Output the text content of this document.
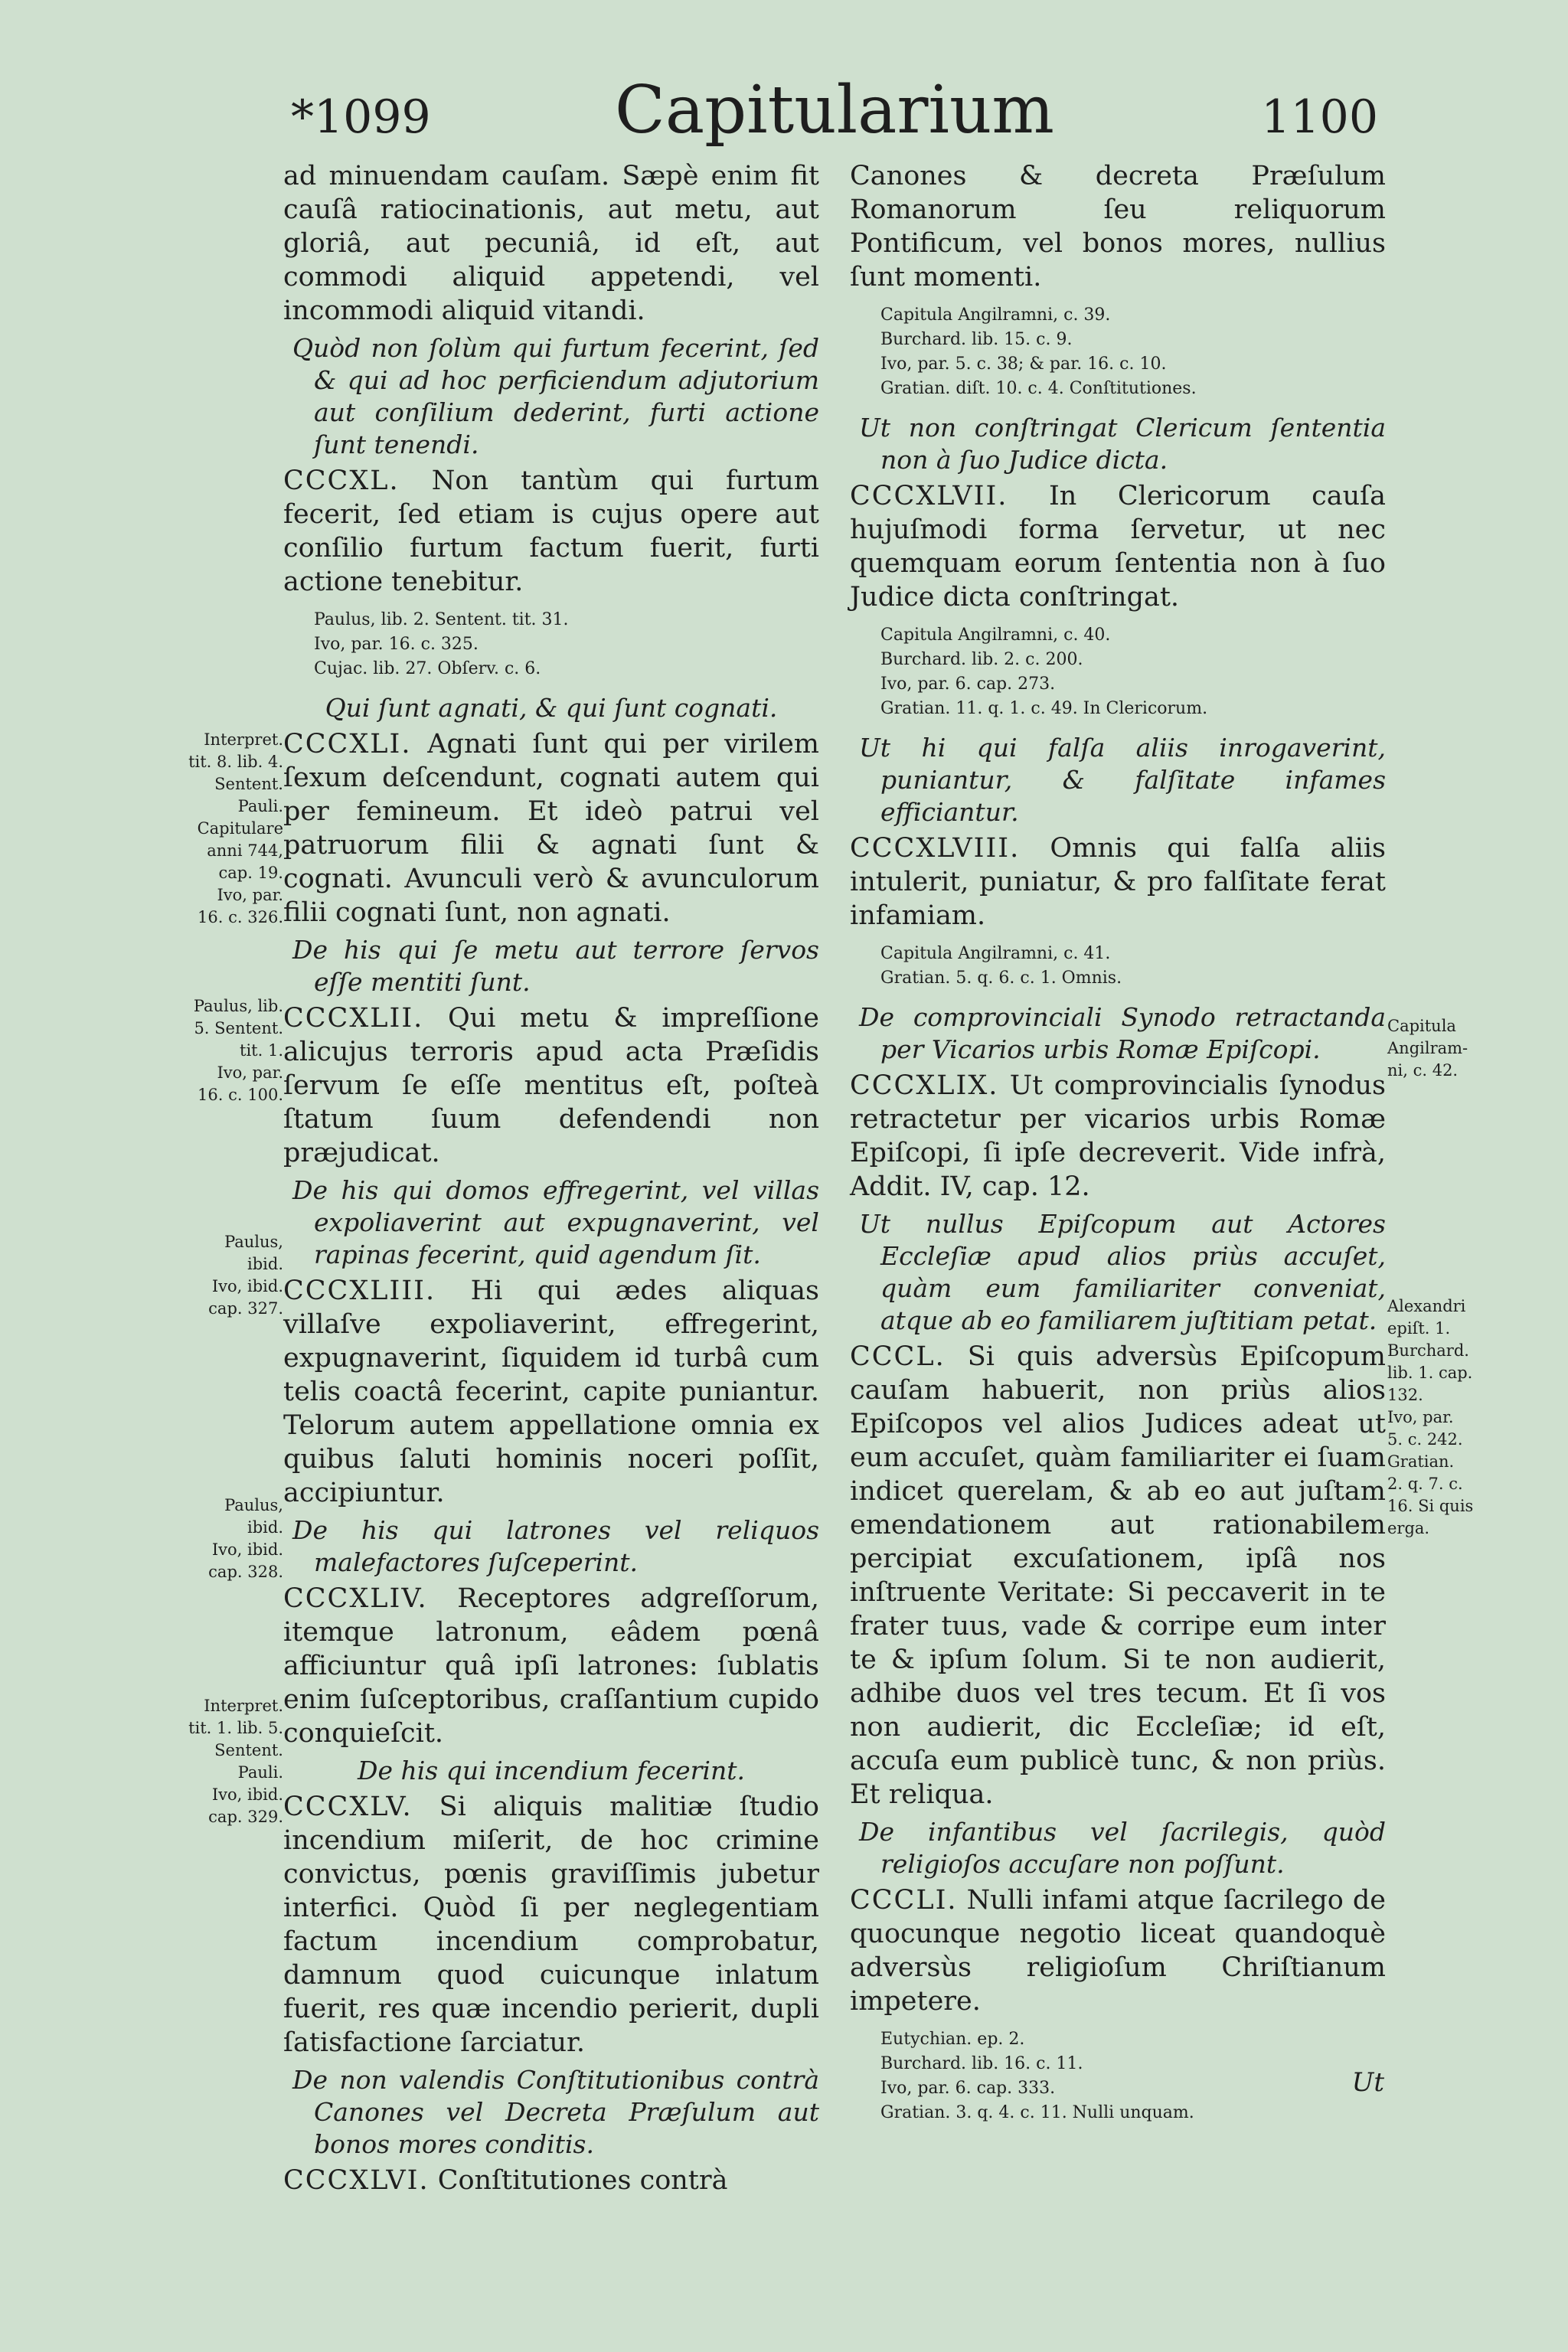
*1099	Capitularium	1100

ad minuendam cauſam. Sæpè enim fit cauſâ ratiocinationis, aut metu, aut gloriâ, aut pecuniâ, id eſt, aut commodi aliquid appetendi, vel incommodi aliquid vitandi.

Quòd non ſolùm qui furtum fecerint, ſed & qui ad hoc perficiendum adjutorium aut conſilium dederint, furti actione ſunt tenendi.

CCCXL. Non tantùm qui furtum fecerit, ſed etiam is cujus opere aut conſilio furtum factum fuerit, furti actione tenebitur.

Paulus, lib. 2. Sentent. tit. 31.
Ivo, par. 16. c. 325.
Cujac. lib. 27. Obſerv. c. 6.

Qui ſunt agnati, & qui ſunt cognati.

CCCXLI. Agnati ſunt qui per virilem ſexum deſcendunt, cognati autem qui per femineum. Et ideò patrui vel patruorum filii & agnati ſunt & cognati. Avunculi verò & avunculorum filii cognati ſunt, non agnati.

De his qui ſe metu aut terrore ſervos eſſe mentiti ſunt.

CCCXLII. Qui metu & impreſſione alicujus terroris apud acta Præſidis ſervum ſe eſſe mentitus eſt, poſteà ſtatum ſuum defendendi non præjudicat.

De his qui domos effregerint, vel villas expoliaverint aut expugnaverint, vel rapinas fecerint, quid agendum ſit.

CCCXLIII. Hi qui ædes aliquas villaſve expoliaverint, effregerint, expugnaverint, ſiquidem id turbâ cum telis coactâ fecerint, capite puniantur. Telorum autem appellatione omnia ex quibus ſaluti hominis noceri poſſit, accipiuntur.

De his qui latrones vel reliquos malefactores ſuſceperint.

CCCXLIV. Receptores adgreſſorum, itemque latronum, eâdem pœnâ afficiuntur quâ ipſi latrones: ſublatis enim ſuſceptoribus, craſſantium cupido conquieſcit.

De his qui incendium fecerint.

CCCXLV. Si aliquis malitiæ ſtudio incendium miſerit, de hoc crimine convictus, pœnis graviſſimis jubetur interfici. Quòd ſi per neglegentiam factum incendium comprobatur, damnum quod cuicunque inlatum fuerit, res quæ incendio perierit, dupli ſatisfactione ſarciatur.

De non valendis Conſtitutionibus contrà Canones vel Decreta Præſulum aut bonos mores conditis.

CCCXLVI. Conſtitutiones contrà

Canones & decreta Præſulum Romanorum ſeu reliquorum Pontificum, vel bonos mores, nullius ſunt momenti.

Capitula Angilramni, c. 39.
Burchard. lib. 15. c. 9.
Ivo, par. 5. c. 38; & par. 16. c. 10.
Gratian. diſt. 10. c. 4. Conſtitutiones.

Ut non conſtringat Clericum ſententia non à ſuo Judice dicta.

CCCXLVII. In Clericorum cauſa hujuſmodi forma ſervetur, ut nec quemquam eorum ſententia non à ſuo Judice dicta conſtringat.

Capitula Angilramni, c. 40.
Burchard. lib. 2. c. 200.
Ivo, par. 6. cap. 273.
Gratian. 11. q. 1. c. 49. In Clericorum.

Ut hi qui falſa aliis inrogaverint, puniantur, & falſitate infames efficiantur.

CCCXLVIII. Omnis qui falſa aliis intulerit, puniatur, & pro falſitate ferat infamiam.

Capitula Angilramni, c. 41.
Gratian. 5. q. 6. c. 1. Omnis.

De comprovinciali Synodo retractanda per Vicarios urbis Romæ Epiſcopi.

CCCXLIX. Ut comprovincialis ſynodus retractetur per vicarios urbis Romæ Epiſcopi, ſi ipſe decreverit. Vide infrà, Addit. IV, cap. 12.

Ut nullus Epiſcopum aut Actores Eccleſiæ apud alios priùs accuſet, quàm eum familiariter conveniat, atque ab eo familiarem juſtitiam petat.

CCCL. Si quis adversùs Epiſcopum cauſam habuerit, non priùs alios Epiſcopos vel alios Judices adeat ut eum accuſet, quàm familiariter ei ſuam indicet querelam, & ab eo aut juſtam emendationem aut rationabilem percipiat excuſationem, ipſâ nos inſtruente Veritate: Si peccaverit in te frater tuus, vade & corripe eum inter te & ipſum ſolum. Si te non audierit, adhibe duos vel tres tecum. Et ſi vos non audierit, dic Eccleſiæ; id eſt, accuſa eum publicè tunc, & non priùs. Et reliqua.

De infantibus vel ſacrilegis, quòd religioſos accuſare non poſſunt.

CCCLI. Nulli infami atque ſacrilego de quocunque negotio liceat quandoquè adversùs religioſum Chriſtianum impetere.

Eutychian. ep. 2.
Burchard. lib. 16. c. 11.
Ivo, par. 6. cap. 333.
Gratian. 3. q. 4. c. 11. Nulli unquam.
Ut
Interpret.
tit. 8. lib. 4.
Sentent.
Pauli.
Capitulare
anni 744,
cap. 19.
Ivo, par.
16. c. 326.
Paulus, lib.
5. Sentent.
tit. 1.
Ivo, par.
16. c. 100.
Paulus,
ibid.
Ivo, ibid.
cap. 327.
Paulus,
ibid.
Ivo, ibid.
cap. 328.
Interpret.
tit. 1. lib. 5.
Sentent.
Pauli.
Ivo, ibid.
cap. 329.
Capitula
Angilram-
ni, c. 42.
Alexandri
epiſt. 1.
Burchard.
lib. 1. cap.
132.
Ivo, par.
5. c. 242.
Gratian.
2. q. 7. c.
16. Si quis
erga.
